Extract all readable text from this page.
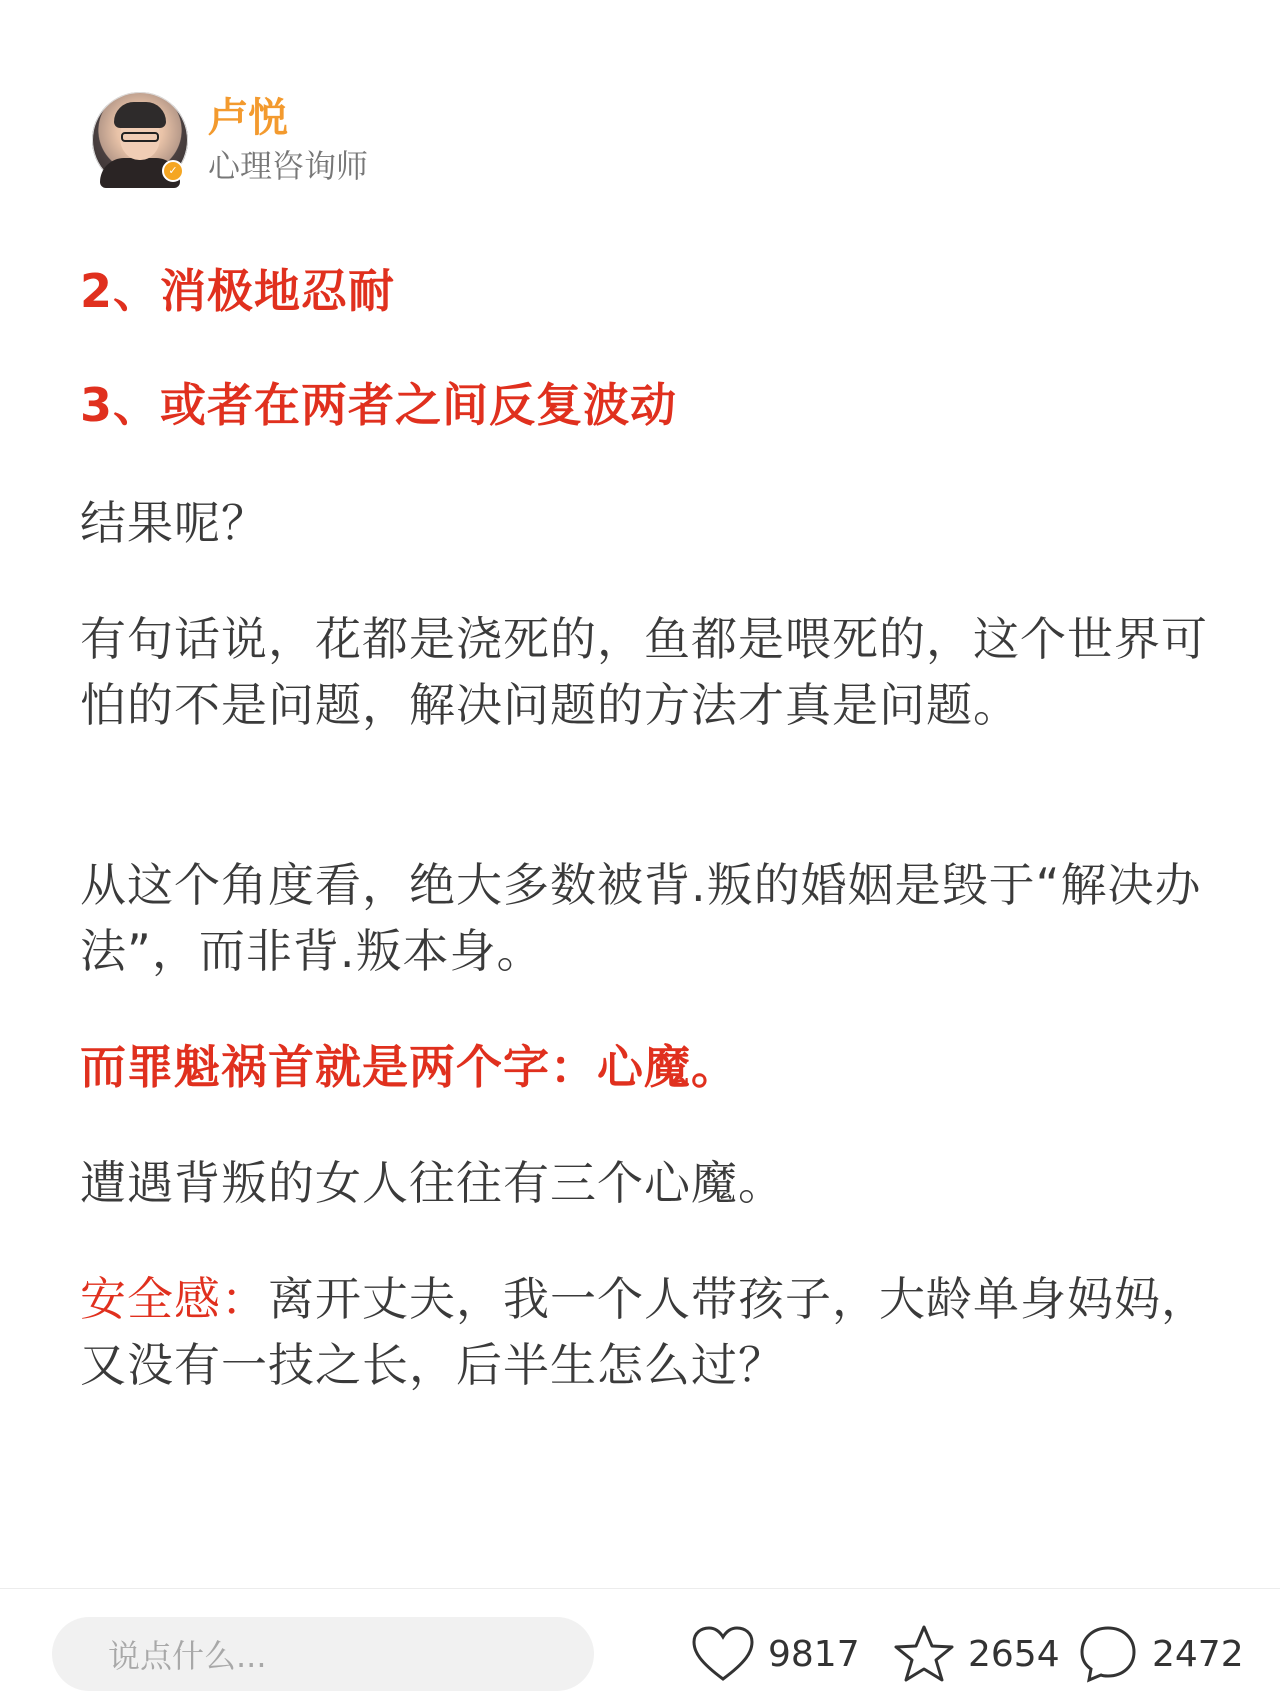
✓
卢悦
心理咨询师
2、消极地忍耐
3、或者在两者之间反复波动
结果呢？
有句话说，花都是浇死的，鱼都是喂死的，这个世界可怕的不是问题，解决问题的方法才真是问题。
从这个角度看，绝大多数被背.叛的婚姻是毁于“解决办法”，而非背.叛本身。
而罪魁祸首就是两个字：心魔。
遭遇背叛的女人往往有三个心魔。
安全感：离开丈夫，我一个人带孩子，大龄单身妈妈，又没有一技之长，后半生怎么过？
说点什么...	9817	2654	2472
